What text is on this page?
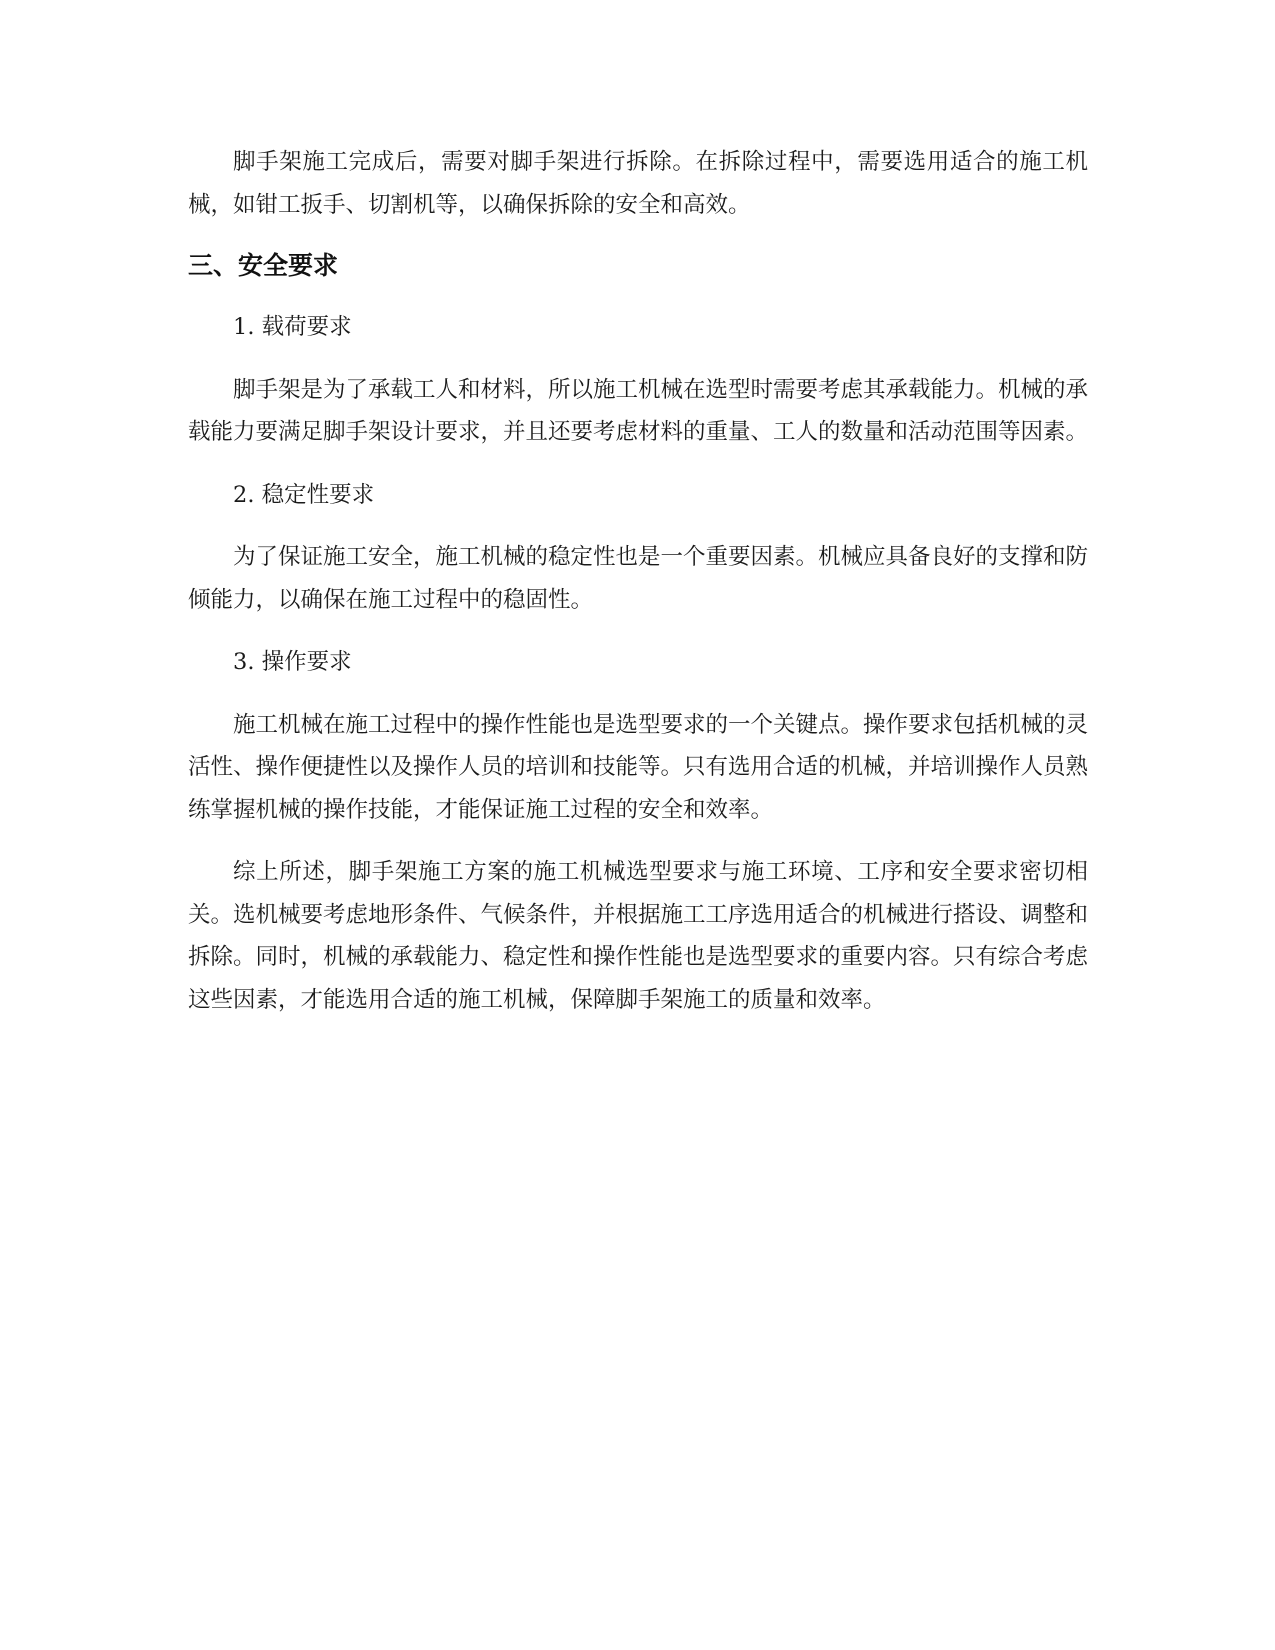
脚手架施工完成后，需要对脚手架进行拆除。在拆除过程中，需要选用适合的施工机械，如钳工扳手、切割机等，以确保拆除的安全和高效。

三、安全要求

1. 载荷要求

脚手架是为了承载工人和材料，所以施工机械在选型时需要考虑其承载能力。机械的承载能力要满足脚手架设计要求，并且还要考虑材料的重量、工人的数量和活动范围等因素。

2. 稳定性要求

为了保证施工安全，施工机械的稳定性也是一个重要因素。机械应具备良好的支撑和防倾能力，以确保在施工过程中的稳固性。

3. 操作要求

施工机械在施工过程中的操作性能也是选型要求的一个关键点。操作要求包括机械的灵活性、操作便捷性以及操作人员的培训和技能等。只有选用合适的机械，并培训操作人员熟练掌握机械的操作技能，才能保证施工过程的安全和效率。

综上所述，脚手架施工方案的施工机械选型要求与施工环境、工序和安全要求密切相关。选机械要考虑地形条件、气候条件，并根据施工工序选用适合的机械进行搭设、调整和拆除。同时，机械的承载能力、稳定性和操作性能也是选型要求的重要内容。只有综合考虑这些因素，才能选用合适的施工机械，保障脚手架施工的质量和效率。
